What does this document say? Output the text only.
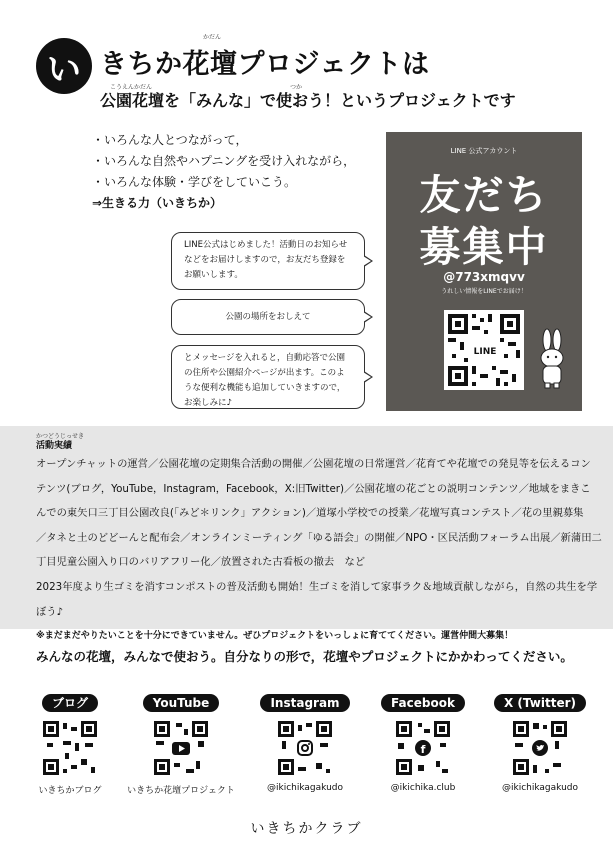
い
かだん
きちか花壇プロジェクトは
こうえんかだん	つか
公園花壇を「みんな」で使おう！というプロジェクトです
・いろんな人とつながって，
・いろんな自然やハプニングを受け入れながら，
・いろんな体験・学びをしていこう。
⇒生きる力（いきちか）
LINE 公式アカウント
友だち
募集中
@773xmqvv
うれしい情報をLINEでお届け！
LINE
LINE公式はじめました！活動日のお知らせなどをお届けしますので，お友だち登録をお願いします。
公園の場所をおしえて
とメッセージを入れると，自動応答で公園の住所や公園紹介ページが出ます。このような便利な機能も追加していきますので，お楽しみに♪
かつどうじっせき
活動実績
オープンチャットの運営／公園花壇の定期集合活動の開催／公園花壇の日常運営／花育てや花壇での発見等を伝えるコン
テンツ(ブログ，YouTube，Instagram，Facebook，X:旧Twitter)／公園花壇の花ごとの説明コンテンツ／地域をまきこ
んでの東矢口三丁目公園改良(「みど＊リンク」アクション)／道塚小学校での授業／花壇写真コンテスト／花の里親募集
／タネと土のどどーんと配布会／オンラインミーティング「ゆる語会」の開催／NPO・区民活動フォーラム出展／新蒲田二
丁目児童公園入り口のバリアフリー化／放置された古看板の撤去　など
2023年度より生ゴミを消すコンポストの普及活動も開始！生ゴミを消して家事ラク＆地域貢献しながら，自然の共生を学
ぼう♪
※まだまだやりたいことを十分にできていません。ぜひプロジェクトをいっしょに育ててください。運営仲間大募集！
みんなの花壇，みんなで使おう。自分なりの形で，花壇やプロジェクトにかかわってください。
ブログ
いきちかブログ
YouTube
いきちか花壇プロジェクト
Instagram
@ikichikagakudo
Facebook
f
@ikichika.club
X (Twitter)
@ikichikagakudo
いきちかクラブ
